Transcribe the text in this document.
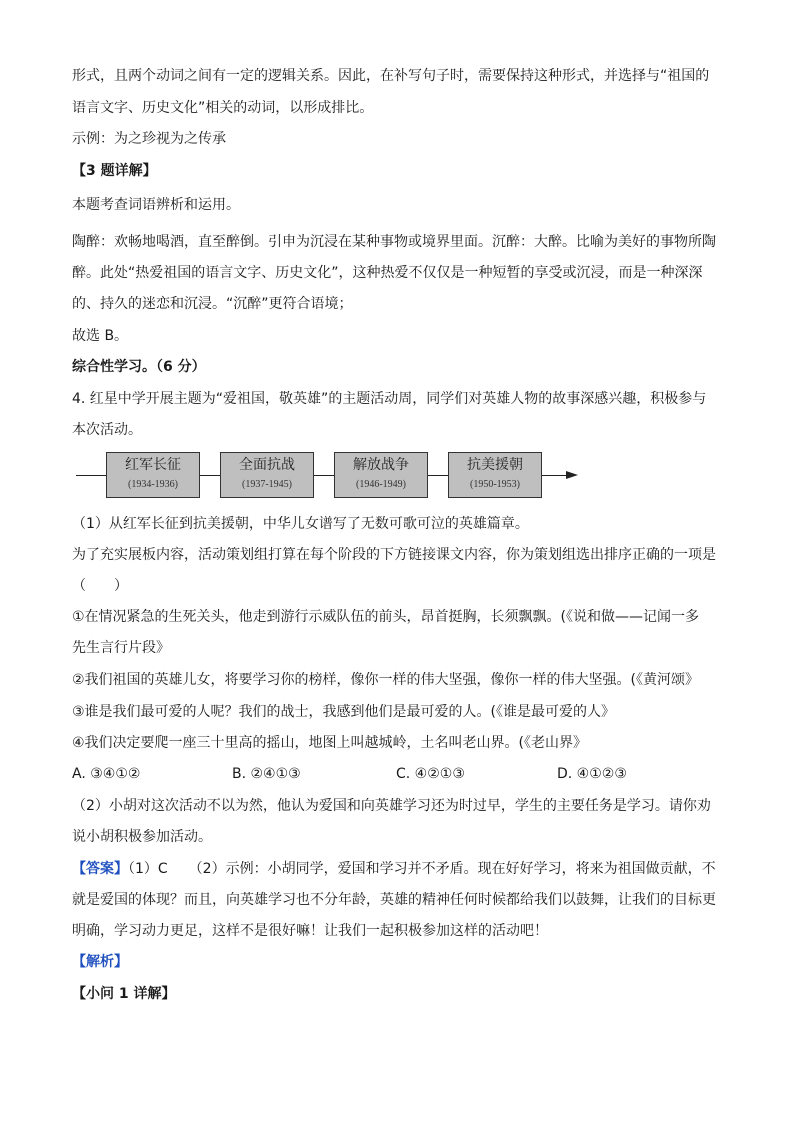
形式，且两个动词之间有一定的逻辑关系。因此，在补写句子时，需要保持这种形式，并选择与“祖国的
语言文字、历史文化”相关的动词，以形成排比。
示例：为之珍视为之传承
【3 题详解】
本题考查词语辨析和运用。
陶醉：欢畅地喝酒，直至醉倒。引申为沉浸在某种事物或境界里面。沉醉：大醉。比喻为美好的事物所陶
醉。此处“热爱祖国的语言文字、历史文化”，这种热爱不仅仅是一种短暂的享受或沉浸，而是一种深深
的、持久的迷恋和沉浸。“沉醉”更符合语境；
故选 B。
综合性学习。（6 分）
4. 红星中学开展主题为“爱祖国，敬英雄”的主题活动周，同学们对英雄人物的故事深感兴趣，积极参与
本次活动。
红军长征
(1934-1936)
全面抗战
(1937-1945)
解放战争
(1946-1949)
抗美援朝
(1950-1953)
（1）从红军长征到抗美援朝，中华儿女谱写了无数可歌可泣的英雄篇章。
为了充实展板内容，活动策划组打算在每个阶段的下方链接课文内容，你为策划组选出排序正确的一项是
（　　）
①在情况紧急的生死关头，他走到游行示威队伍的前头，昂首挺胸，长须飘飘。(《说和做——记闻一多
先生言行片段》
②我们祖国的英雄儿女，将要学习你的榜样，像你一样的伟大坚强，像你一样的伟大坚强。(《黄河颂》
③谁是我们最可爱的人呢？我们的战士，我感到他们是最可爱的人。(《谁是最可爱的人》
④我们决定要爬一座三十里高的摇山，地图上叫越城岭，土名叫老山界。(《老山界》
A. ③④①②	B. ②④①③	C. ④②①③	D. ④①②③
（2）小胡对这次活动不以为然，他认为爱国和向英雄学习还为时过早，学生的主要任务是学习。请你劝
说小胡积极参加活动。
【答案】（1）C　　（2）示例：小胡同学，爱国和学习并不矛盾。现在好好学习，将来为祖国做贡献，不
就是爱国的体现？而且，向英雄学习也不分年龄，英雄的精神任何时候都给我们以鼓舞，让我们的目标更
明确，学习动力更足，这样不是很好嘛！让我们一起积极参加这样的活动吧！
【解析】
【小问 1 详解】
